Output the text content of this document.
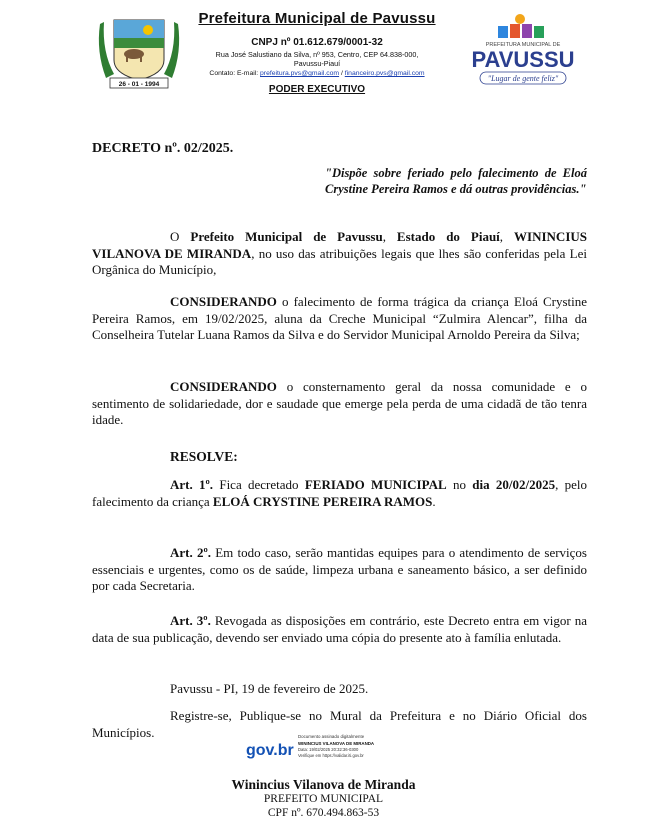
26 - 01 - 1994
Prefeitura Municipal de Pavussu
CNPJ nº 01.612.679/0001-32
Rua José Salustiano da Silva, nº 953, Centro, CEP 64.838-000,
Pavussu-Piauí
Contato: E-mail: prefeitura.pvs@gmail.com / financeiro.pvs@gmail.com
PODER EXECUTIVO
PREFEITURA MUNICIPAL DE
PAVUSSU
"Lugar de gente feliz"
DECRETO nº. 02/2025.
"Dispõe sobre feriado pelo falecimento de Eloá Crystine Pereira Ramos e dá outras providências."
O Prefeito Municipal de Pavussu, Estado do Piauí, WININCIUS VILANOVA DE MIRANDA, no uso das atribuições legais que lhes são conferidas pela Lei Orgânica do Município,
CONSIDERANDO o falecimento de forma trágica da criança Eloá Crystine Pereira Ramos, em 19/02/2025, aluna da Creche Municipal “Zulmira Alencar”, filha da Conselheira Tutelar Luana Ramos da Silva e do Servidor Municipal Arnoldo Pereira da Silva;
CONSIDERANDO o consternamento geral da nossa comunidade e o sentimento de solidariedade, dor e saudade que emerge pela perda de uma cidadã de tão tenra idade.
RESOLVE:
Art. 1º. Fica decretado FERIADO MUNICIPAL no dia 20/02/2025, pelo falecimento da criança ELOÁ CRYSTINE PEREIRA RAMOS.
Art. 2º. Em todo caso, serão mantidas equipes para o atendimento de serviços essenciais e urgentes, como os de saúde, limpeza urbana e saneamento básico, a ser definido por cada Secretaria.
Art. 3º. Revogada as disposições em contrário, este Decreto entra em vigor na data de sua publicação, devendo ser enviado uma cópia do presente ato à família enlutada.
Pavussu - PI, 19 de fevereiro de 2025.
Registre-se, Publique-se no Mural da Prefeitura e no Diário Oficial dos Municípios.
gov.br
Documento assinado digitalmente
WININCIUS VILANOVA DE MIRANDA
Data: 19/02/2025 20:32:36-0300
Verifique em https://validar.iti.gov.br
Winincius Vilanova de Miranda
PREFEITO MUNICIPAL
CPF nº. 670.494.863-53
